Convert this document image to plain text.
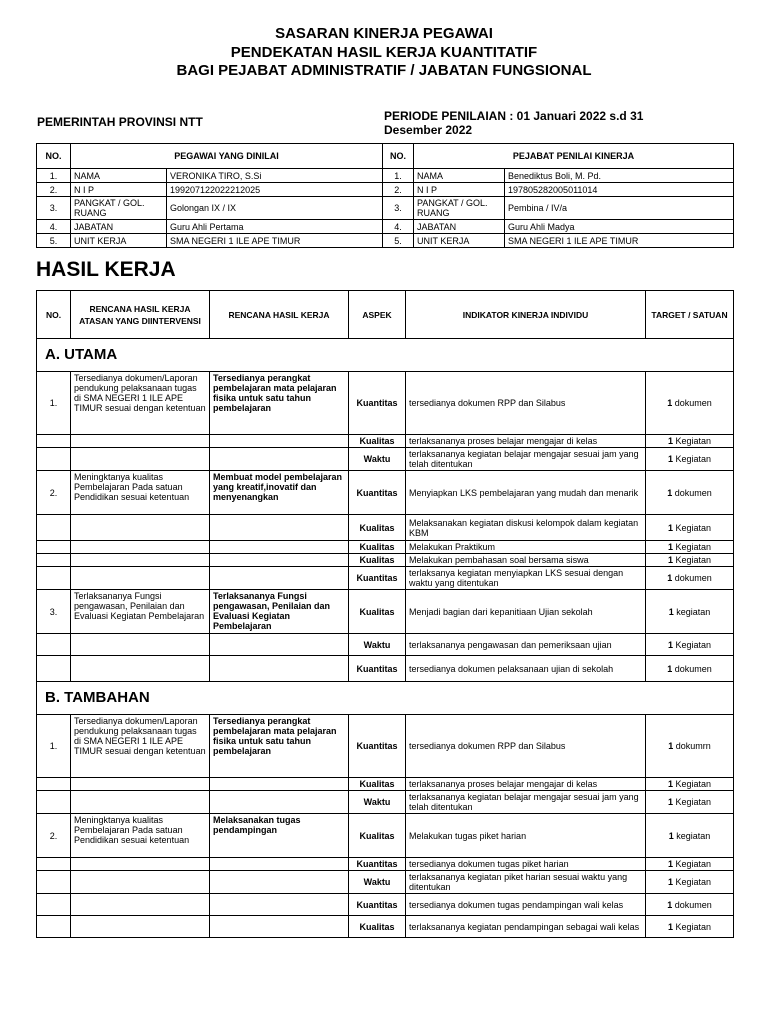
SASARAN KINERJA PEGAWAI
PENDEKATAN HASIL KERJA KUANTITATIF
BAGI PEJABAT ADMINISTRATIF / JABATAN FUNGSIONAL
PEMERINTAH PROVINSI NTT	PERIODE PENILAIAN : 01 Januari 2022 s.d 31 Desember 2022
NO.	PEGAWAI YANG DINILAI		NO.	PEJABAT PENILAI KINERJA	
1.	NAMA	VERONIKA TIRO, S.Si	1.	NAMA	Benediktus Boli, M. Pd.
2.	N I P	199207122022212025	2.	N I P	197805282005011014
3.	PANGKAT / GOL. RUANG	Golongan IX / IX	3.	PANGKAT / GOL. RUANG	Pembina / IV/a
4.	JABATAN	Guru Ahli Pertama	4.	JABATAN	Guru Ahli Madya
5.	UNIT KERJA	SMA NEGERI 1 ILE APE TIMUR	5.	UNIT KERJA	SMA NEGERI 1 ILE APE TIMUR
HASIL KERJA
NO.	RENCANA HASIL KERJA ATASAN YANG DIINTERVENSI	RENCANA HASIL KERJA	ASPEK	INDIKATOR KINERJA INDIVIDU	TARGET / SATUAN
A. UTAMA					
1.	Tersedianya dokumen/Laporan pendukung pelaksanaan tugas di SMA NEGERI 1 ILE APE TIMUR sesuai dengan ketentuan	Tersedianya perangkat pembelajaran mata pelajaran fisika untuk satu tahun pembelajaran	Kuantitas	tersedianya dokumen RPP dan Silabus	1 dokumen
			Kualitas	terlaksananya proses belajar mengajar di kelas	1 Kegiatan
			Waktu	terlaksananya kegiatan belajar mengajar sesuai jam yang telah ditentukan	1 Kegiatan
2.	Meningktanya kualitas Pembelajaran Pada satuan Pendidikan sesuai ketentuan	Membuat model pembelajaran yang kreatif,inovatif dan menyenangkan	Kuantitas	Menyiapkan LKS pembelajaran yang mudah dan menarik	1 dokumen
			Kualitas	Melaksanakan kegiatan diskusi kelompok dalam kegiatan KBM	1 Kegiatan
			Kualitas	Melakukan Praktikum	1 Kegiatan
			Kualitas	Melakukan pembahasan soal bersama siswa	1 Kegiatan
			Kuantitas	terlaksanya kegiatan menyiapkan LKS sesuai dengan waktu yang ditentukan	1 dokumen
3.	Terlaksananya Fungsi pengawasan, Penilaian dan Evaluasi Kegiatan Pembelajaran	Terlaksananya Fungsi pengawasan, Penilaian dan Evaluasi Kegiatan Pembelajaran	Kualitas	Menjadi bagian dari kepanitiaan Ujian sekolah	1 kegiatan
			Waktu	terlaksananya pengawasan dan pemeriksaan ujian	1 Kegiatan
			Kuantitas	tersedianya dokumen pelaksanaan ujian di sekolah	1 dokumen
B. TAMBAHAN					
1.	Tersedianya dokumen/Laporan pendukung pelaksanaan tugas di SMA NEGERI 1 ILE APE TIMUR sesuai dengan ketentuan	Tersedianya perangkat pembelajaran mata pelajaran fisika untuk satu tahun pembelajaran	Kuantitas	tersedianya dokumen RPP dan Silabus	1 dokumrn
			Kualitas	terlaksananya proses belajar mengajar di kelas	1 Kegiatan
			Waktu	terlaksananya kegiatan belajar mengajar sesuai jam yang telah ditentukan	1 Kegiatan
2.	Meningktanya kualitas Pembelajaran Pada satuan Pendidikan sesuai ketentuan	Melaksanakan tugas pendampingan	Kualitas	Melakukan tugas piket harian	1 kegiatan
			Kuantitas	tersedianya dokumen tugas piket harian	1 Kegiatan
			Waktu	terlaksananya kegiatan piket harian sesuai waktu yang ditentukan	1 Kegiatan
			Kuantitas	tersedianya dokumen tugas pendampingan wali kelas	1 dokumen
			Kualitas	terlaksananya kegiatan pendampingan sebagai wali kelas	1 Kegiatan
